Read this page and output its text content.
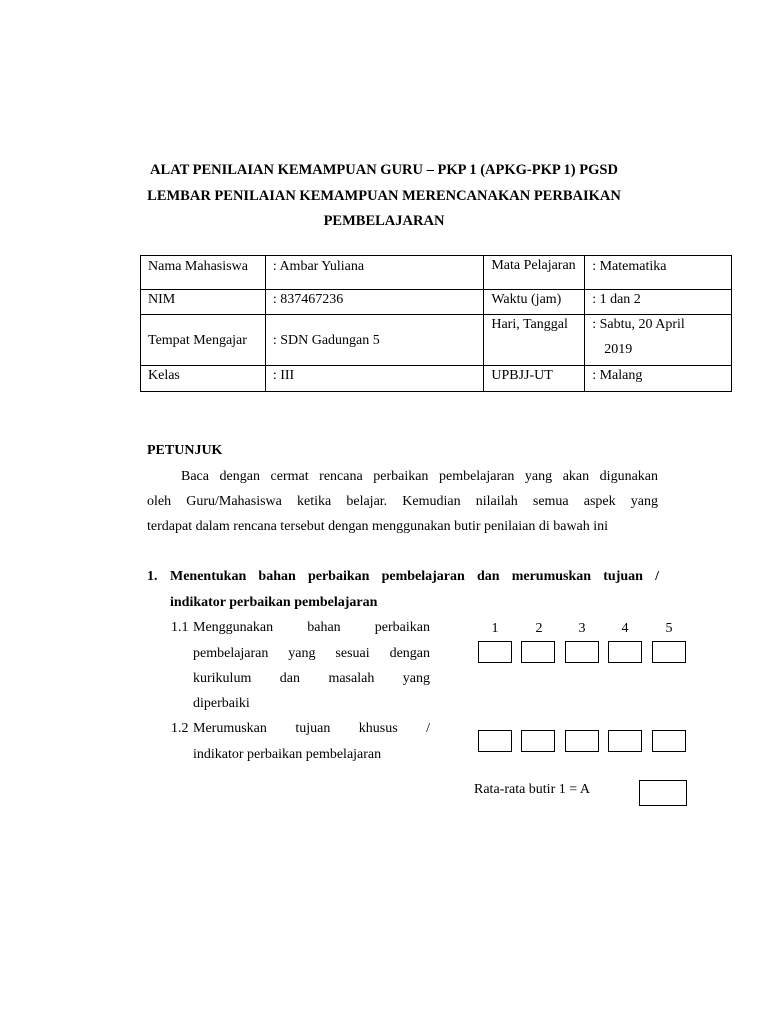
ALAT PENILAIAN KEMAMPUAN GURU – PKP 1 (APKG-PKP 1) PGSD
LEMBAR PENILAIAN KEMAMPUAN MERENCANAKAN PERBAIKAN
PEMBELAJARAN
Nama Mahasiswa	: Ambar Yuliana	Mata Pelajaran	: Matematika
NIM	: 837467236	Waktu (jam)	: 1 dan 2
Tempat Mengajar	: SDN Gadungan 5	Hari, Tanggal	: Sabtu, 20 April
2019

Kelas	: III	UPBJJ-UT	: Malang
PETUNJUK
Baca dengan cermat rencana perbaikan pembelajaran yang akan digunakan
oleh Guru/Mahasiswa ketika belajar. Kemudian nilailah semua aspek yang
terdapat dalam rencana tersebut dengan menggunakan butir penilaian di bawah ini
1. Menentukan bahan perbaikan pembelajaran dan merumuskan tujuan /
indikator perbaikan pembelajaran
1.1 Menggunakan bahan perbaikan
pembelajaran yang sesuai dengan
kurikulum dan masalah yang
diperbaiki
1.2 Merumuskan tujuan khusus /
indikator perbaikan pembelajaran
1	2	3	4	5
Rata-rata butir 1 = A
